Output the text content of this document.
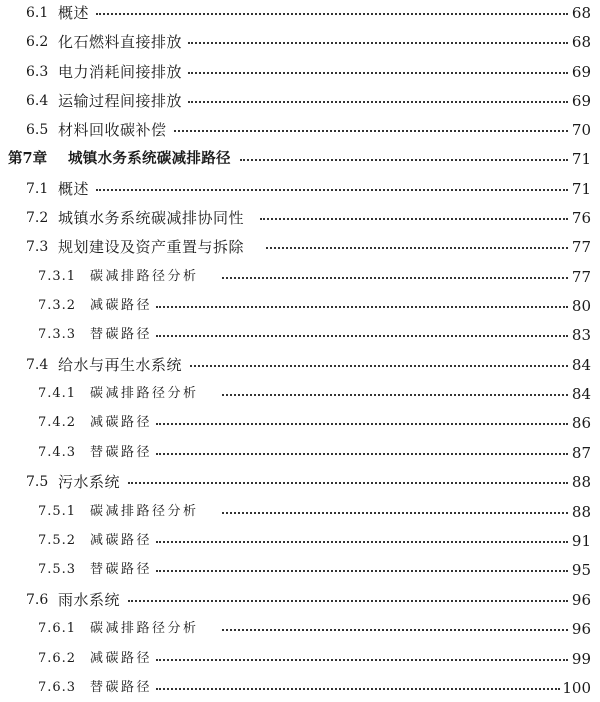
6.1 概述	68
6.2 化石燃料直接排放	68
6.3 电力消耗间接排放	69
6.4 运输过程间接排放	69
6.5 材料回收碳补偿	70
第7章 城镇水务系统碳减排路径	71
7.1 概述	71
7.2 城镇水务系统碳减排协同性	76
7.3 规划建设及资产重置与拆除	77
7.3.1 碳减排路径分析	77
7.3.2 减碳路径	80
7.3.3 替碳路径	83
7.4 给水与再生水系统	84
7.4.1 碳减排路径分析	84
7.4.2 减碳路径	86
7.4.3 替碳路径	87
7.5 污水系统	88
7.5.1 碳减排路径分析	88
7.5.2 减碳路径	91
7.5.3 替碳路径	95
7.6 雨水系统	96
7.6.1 碳减排路径分析	96
7.6.2 减碳路径	99
7.6.3 替碳路径	100
